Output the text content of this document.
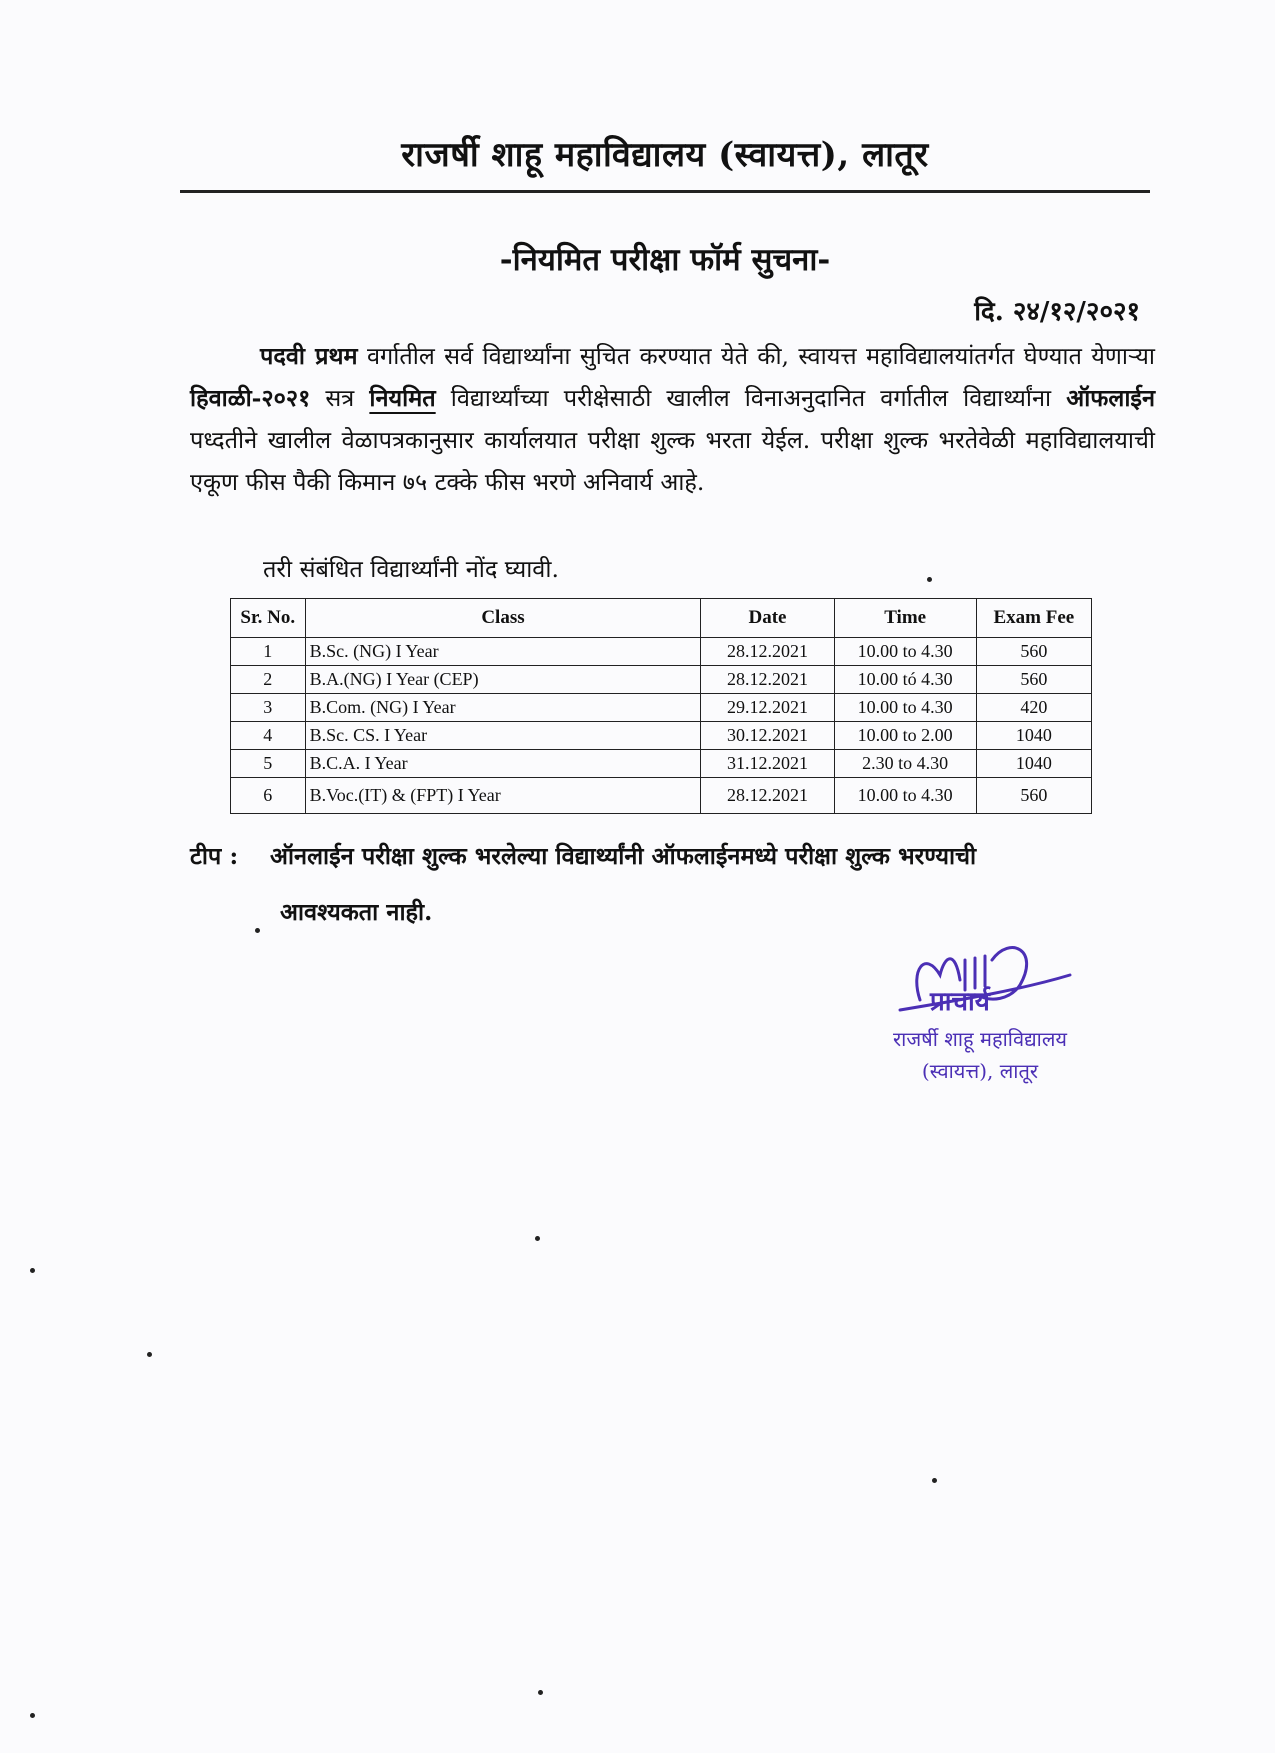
राजर्षी शाहू महाविद्यालय (स्वायत्त), लातूर
-नियमित परीक्षा फॉर्म सुचना-
दि. २४/१२/२०२१
पदवी प्रथम वर्गातील सर्व विद्यार्थ्यांना सुचित करण्यात येते की, स्वायत्त महाविद्यालयांतर्गत घेण्यात येणाऱ्या हिवाळी-२०२१ सत्र नियमित विद्यार्थ्यांच्या परीक्षेसाठी खालील विनाअनुदानित वर्गातील विद्यार्थ्यांना ऑफलाईन पध्दतीने खालील वेळापत्रकानुसार कार्यालयात परीक्षा शुल्क भरता येईल. परीक्षा शुल्क भरतेवेळी महाविद्यालयाची एकूण फीस पैकी किमान ७५ टक्के फीस भरणे अनिवार्य आहे.
तरी संबंधित विद्यार्थ्यांनी नोंद घ्यावी.
Sr. No.	Class	Date	Time	Exam Fee
1	B.Sc. (NG) I Year	28.12.2021	10.00 to 4.30	560
2	B.A.(NG) I Year (CEP)	28.12.2021	10.00 tó 4.30	560
3	B.Com. (NG) I Year	29.12.2021	10.00 to 4.30	420
4	B.Sc. CS. I Year	30.12.2021	10.00 to 2.00	1040
5	B.C.A. I Year	31.12.2021	2.30 to 4.30	1040
6	B.Voc.(IT) & (FPT) I Year	28.12.2021	10.00 to 4.30	560
टीप : ऑनलाईन परीक्षा शुल्क भरलेल्या विद्यार्थ्यांनी ऑफलाईनमध्ये परीक्षा शुल्क भरण्याची
आवश्यकता नाही.
प्राचार्य
राजर्षी शाहू महाविद्यालय
(स्वायत्त), लातूर
